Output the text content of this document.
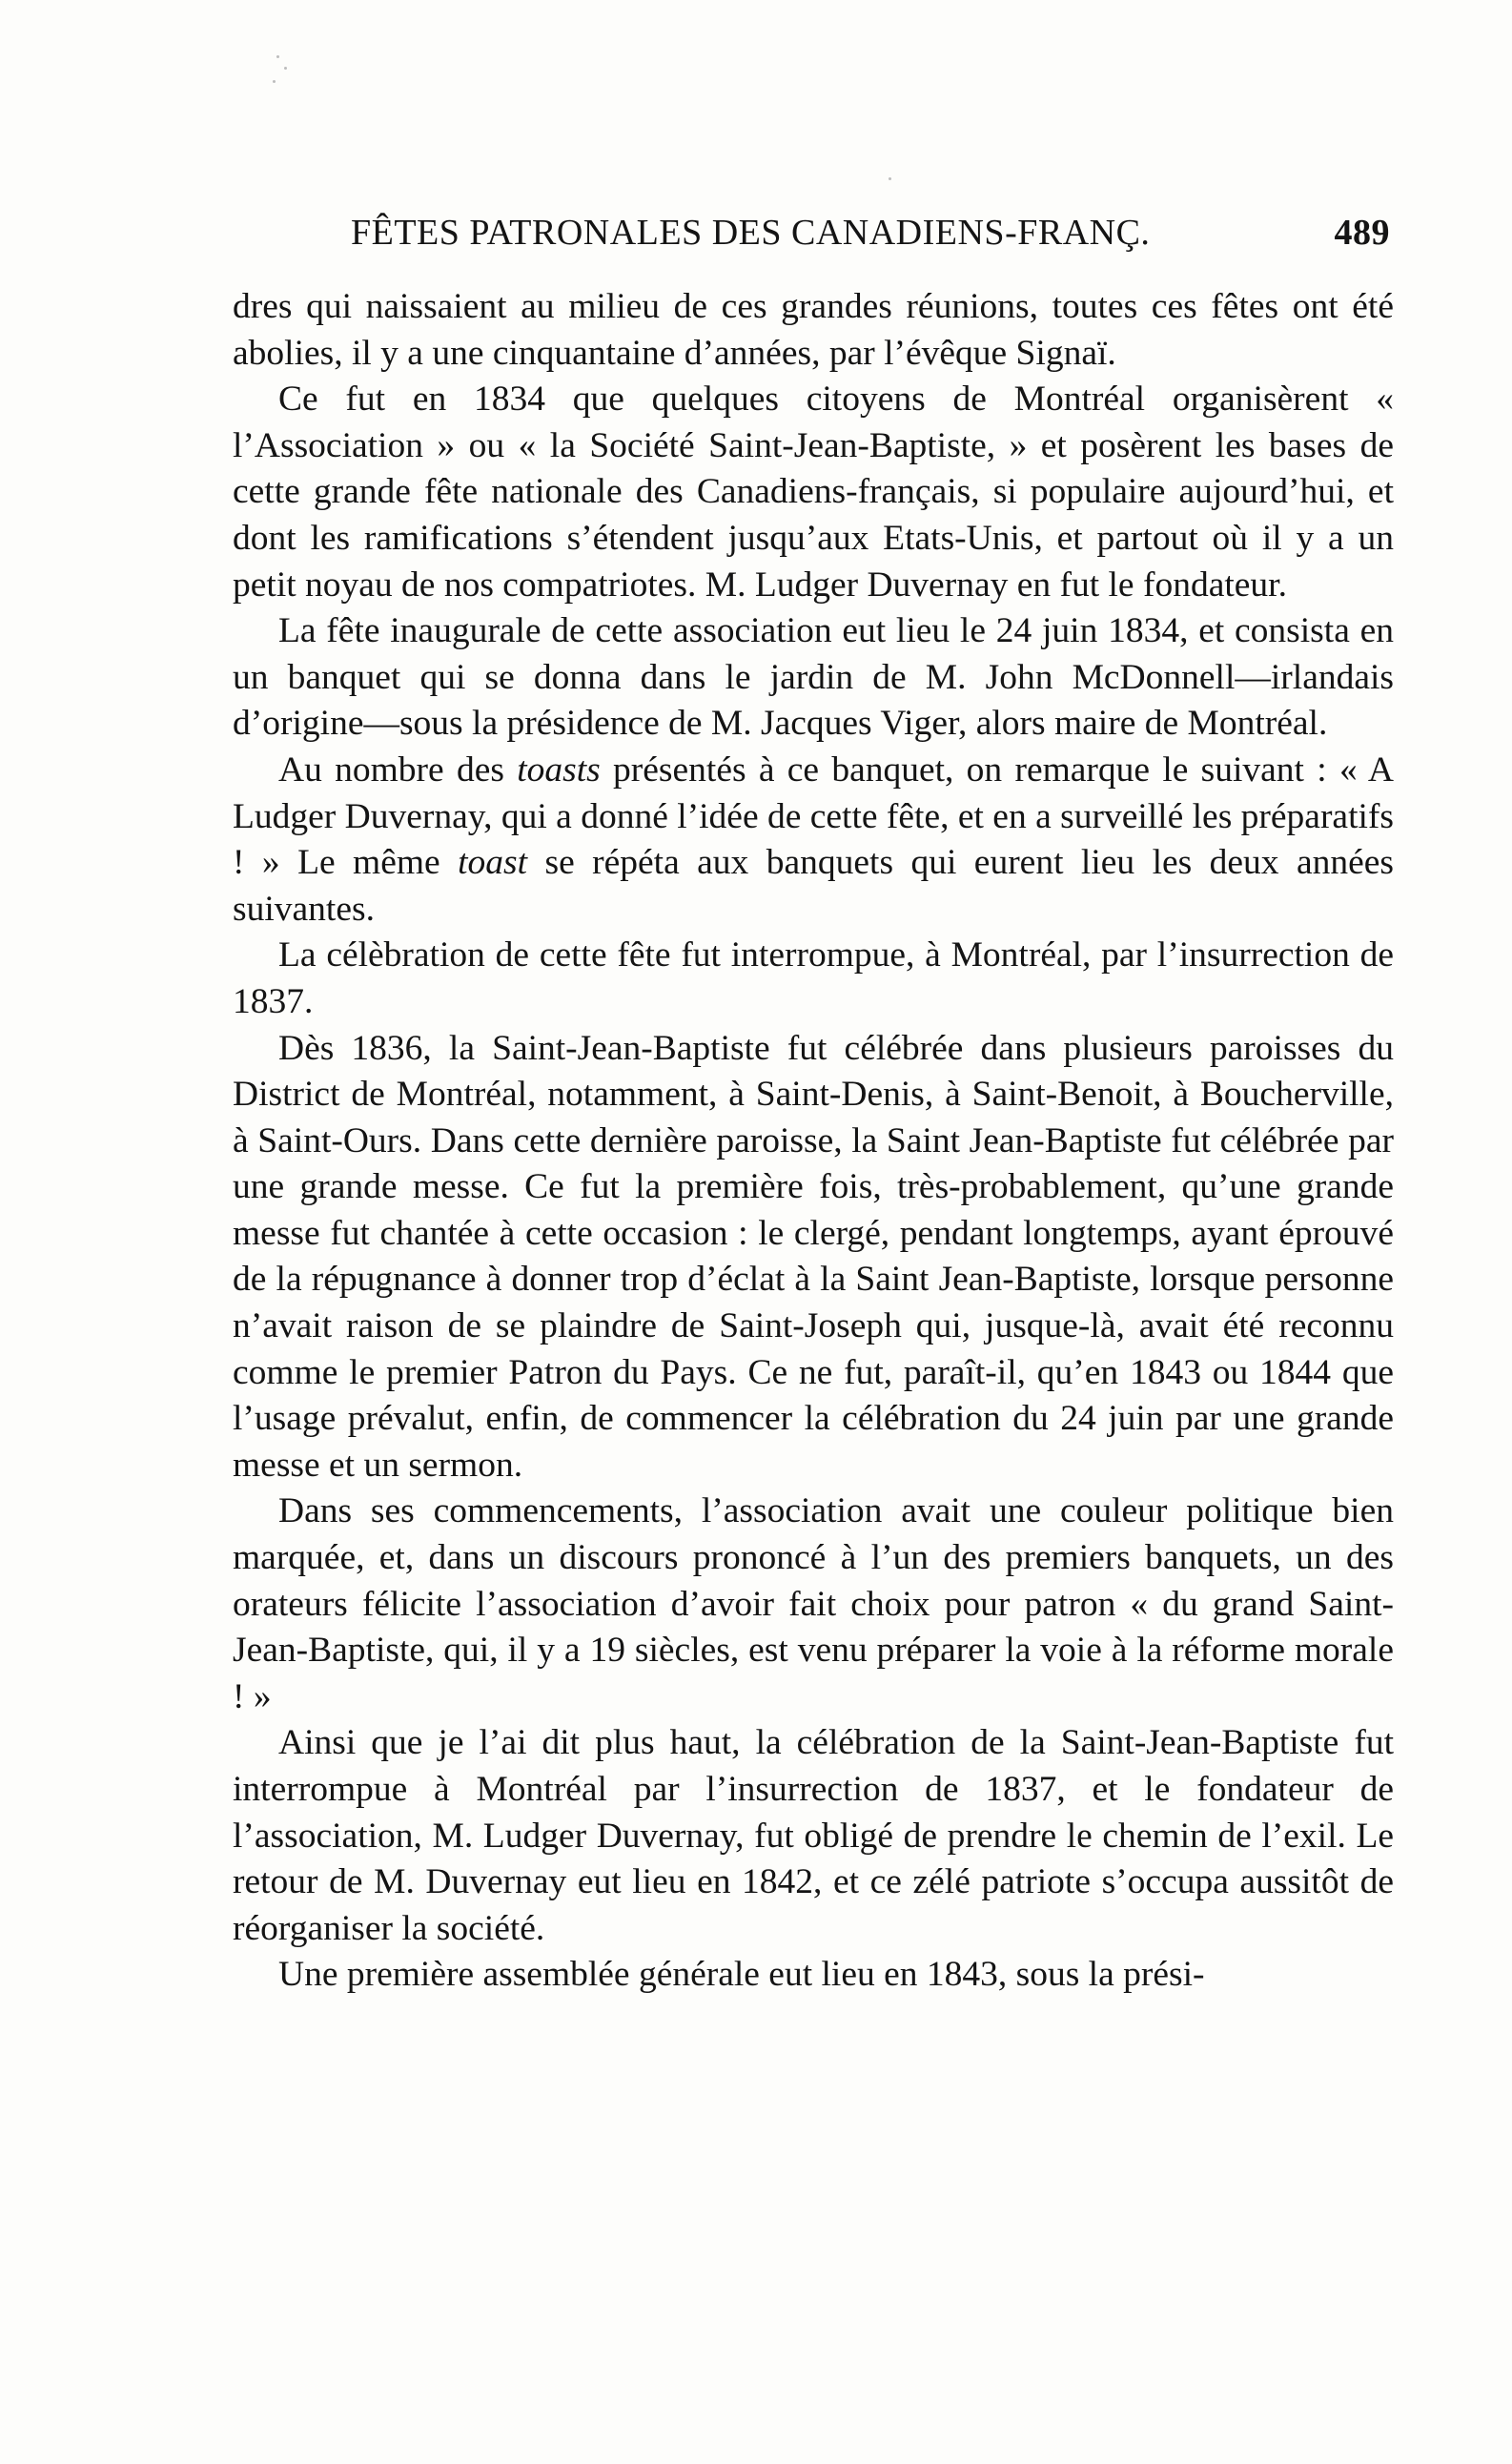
FÊTES PATRONALES DES CANADIENS-FRANÇ.	489

dres qui naissaient au milieu de ces grandes réunions, toutes ces fêtes ont été abolies, il y a une cinquantaine d’années, par l’évêque Signaï.

Ce fut en 1834 que quelques citoyens de Montréal organisèrent « l’Association » ou « la Société Saint-Jean-Baptiste, » et posèrent les bases de cette grande fête nationale des Canadiens-français, si populaire aujourd’hui, et dont les ramifications s’étendent jusqu’aux Etats-Unis, et partout où il y a un petit noyau de nos compatriotes. M. Ludger Duvernay en fut le fondateur.

La fête inaugurale de cette association eut lieu le 24 juin 1834, et consista en un banquet qui se donna dans le jardin de M. John McDonnell—irlandais d’origine—sous la présidence de M. Jacques Viger, alors maire de Montréal.

Au nombre des toasts présentés à ce banquet, on remarque le suivant : « A Ludger Duvernay, qui a donné l’idée de cette fête, et en a surveillé les préparatifs ! » Le même toast se répéta aux banquets qui eurent lieu les deux années suivantes.

La célèbration de cette fête fut interrompue, à Montréal, par l’insurrection de 1837.

Dès 1836, la Saint-Jean-Baptiste fut célébrée dans plusieurs paroisses du District de Montréal, notamment, à Saint-Denis, à Saint-Benoit, à Boucherville, à Saint-Ours. Dans cette dernière paroisse, la Saint Jean-Baptiste fut célébrée par une grande messe. Ce fut la première fois, très-probablement, qu’une grande messe fut chantée à cette occasion : le clergé, pendant longtemps, ayant éprouvé de la répugnance à donner trop d’éclat à la Saint Jean-Baptiste, lorsque personne n’avait raison de se plaindre de Saint-Joseph qui, jusque-là, avait été reconnu comme le premier Patron du Pays. Ce ne fut, paraît-il, qu’en 1843 ou 1844 que l’usage prévalut, enfin, de commencer la célébration du 24 juin par une grande messe et un sermon.

Dans ses commencements, l’association avait une couleur politique bien marquée, et, dans un discours prononcé à l’un des premiers banquets, un des orateurs félicite l’association d’avoir fait choix pour patron « du grand Saint-Jean-Baptiste, qui, il y a 19 siècles, est venu préparer la voie à la réforme morale ! »

Ainsi que je l’ai dit plus haut, la célébration de la Saint-Jean-Baptiste fut interrompue à Montréal par l’insurrection de 1837, et le fondateur de l’association, M. Ludger Duvernay, fut obligé de prendre le chemin de l’exil. Le retour de M. Duvernay eut lieu en 1842, et ce zélé patriote s’occupa aussitôt de réorganiser la société.

Une première assemblée générale eut lieu en 1843, sous la prési-
